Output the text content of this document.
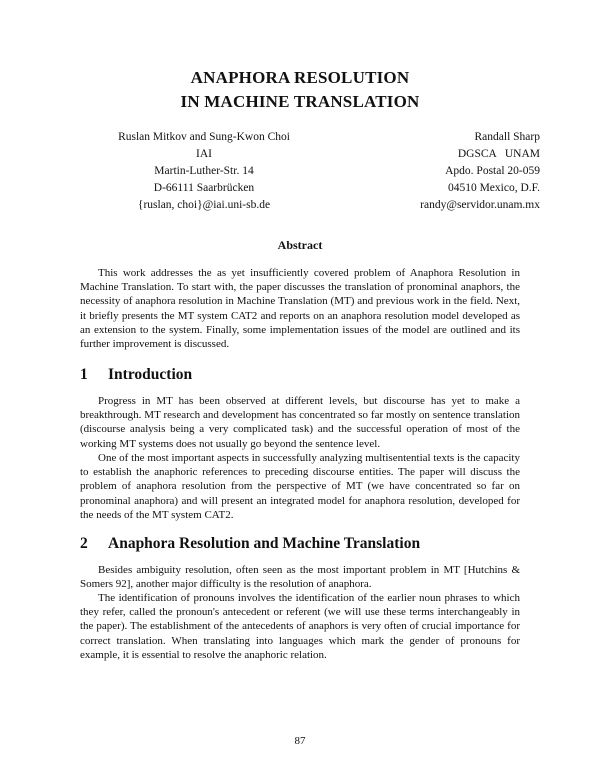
ANAPHORA RESOLUTION
IN MACHINE TRANSLATION
Ruslan Mitkov and Sung-Kwon Choi
IAI
Martin-Luther-Str. 14
D-66111 Saarbrücken
{ruslan, choi}@iai.uni-sb.de
Randall Sharp
DGSCA   UNAM
Apdo. Postal 20-059
04510 Mexico, D.F.
randy@servidor.unam.mx
Abstract

This work addresses the as yet insufficiently covered problem of Anaphora Resolution in Machine Translation. To start with, the paper discusses the translation of pronominal anaphors, the necessity of anaphora resolution in Machine Translation (MT) and previous work in the field. Next, it briefly presents the MT system CAT2 and reports on an anaphora resolution model developed as an extension to the system. Finally, some implementation issues of the model are outlined and its further improvement is discussed.

1 Introduction

Progress in MT has been observed at different levels, but discourse has yet to make a breakthrough. MT research and development has concentrated so far mostly on sentence translation (discourse analysis being a very complicated task) and the successful operation of most of the working MT systems does not usually go beyond the sentence level.

One of the most important aspects in successfully analyzing multisentential texts is the capacity to establish the anaphoric references to preceding discourse entities. The paper will discuss the problem of anaphora resolution from the perspective of MT (we have concentrated so far on pronominal anaphora) and will present an integrated model for anaphora resolution, developed for the needs of the MT system CAT2.

2 Anaphora Resolution and Machine Translation

Besides ambiguity resolution, often seen as the most important problem in MT [Hutchins & Somers 92], another major difficulty is the resolution of anaphora.

The identification of pronouns involves the identification of the earlier noun phrases to which they refer, called the pronoun's antecedent or referent (we will use these terms interchangeably in the paper). The establishment of the antecedents of anaphors is very often of crucial importance for correct translation. When translating into languages which mark the gender of pronouns for example, it is essential to resolve the anaphoric relation.

87
